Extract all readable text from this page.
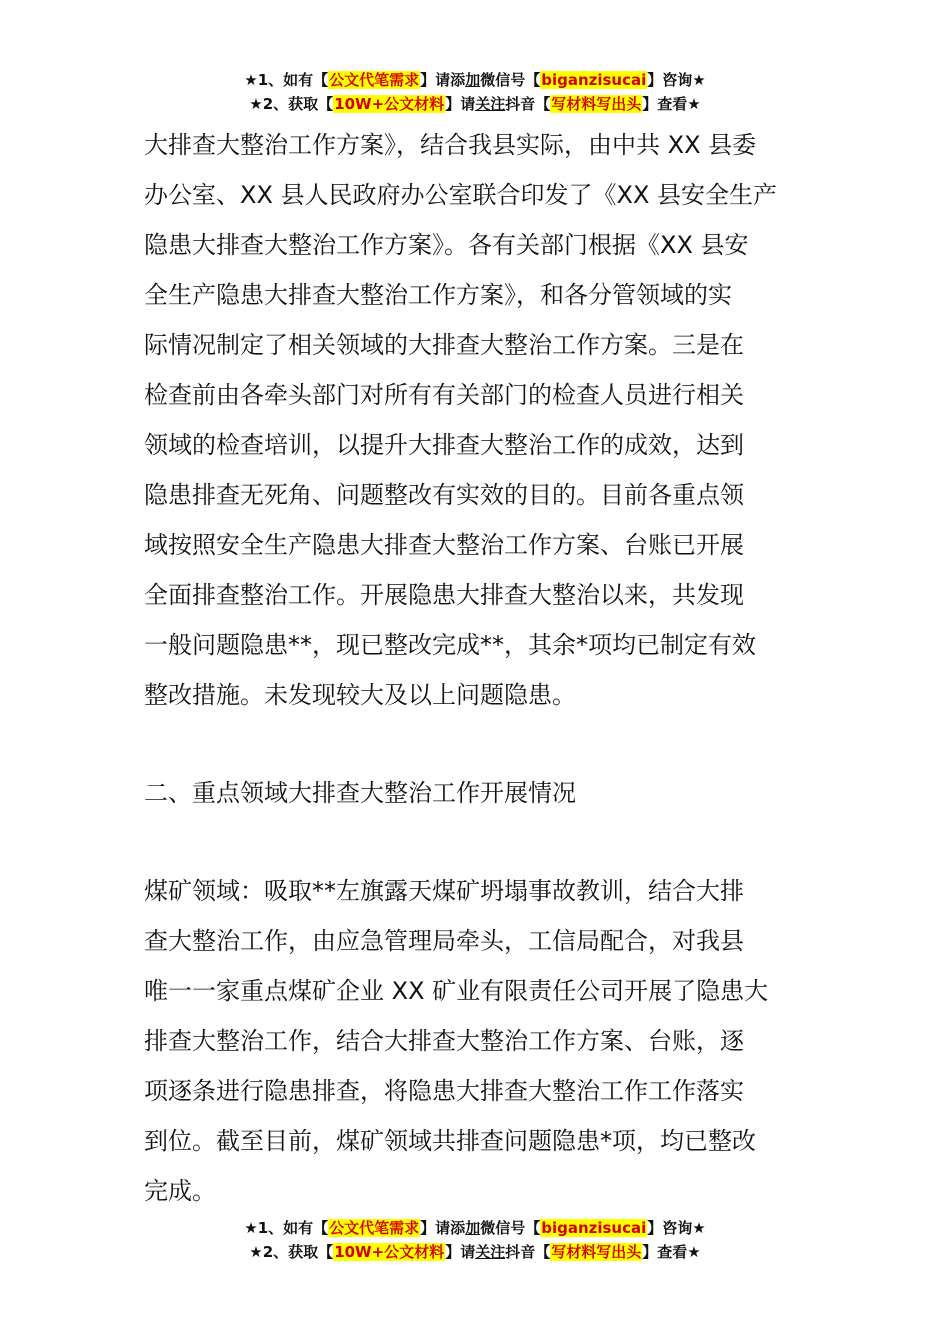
★1、如有【公文代笔需求】请添加微信号【biganzisucai】咨询★
★2、获取【10W+公文材料】请关注抖音【写材料写出头】查看★
大排查大整治工作方案》，结合我县实际，由中共 XX 县委
办公室、XX 县人民政府办公室联合印发了《XX 县安全生产
隐患大排查大整治工作方案》。各有关部门根据《XX 县安
全生产隐患大排查大整治工作方案》，和各分管领域的实
际情况制定了相关领域的大排查大整治工作方案。三是在
检查前由各牵头部门对所有有关部门的检查人员进行相关
领域的检查培训，以提升大排查大整治工作的成效，达到
隐患排查无死角、问题整改有实效的目的。目前各重点领
域按照安全生产隐患大排查大整治工作方案、台账已开展
全面排查整治工作。开展隐患大排查大整治以来，共发现
一般问题隐患**，现已整改完成**，其余*项均已制定有效
整改措施。未发现较大及以上问题隐患。
二、重点领域大排查大整治工作开展情况
煤矿领域：吸取**左旗露天煤矿坍塌事故教训，结合大排
查大整治工作，由应急管理局牵头，工信局配合，对我县
唯一一家重点煤矿企业 XX 矿业有限责任公司开展了隐患大
排查大整治工作，结合大排查大整治工作方案、台账，逐
项逐条进行隐患排查，将隐患大排查大整治工作工作落实
到位。截至目前，煤矿领域共排查问题隐患*项，均已整改
完成。
★1、如有【公文代笔需求】请添加微信号【biganzisucai】咨询★
★2、获取【10W+公文材料】请关注抖音【写材料写出头】查看★
